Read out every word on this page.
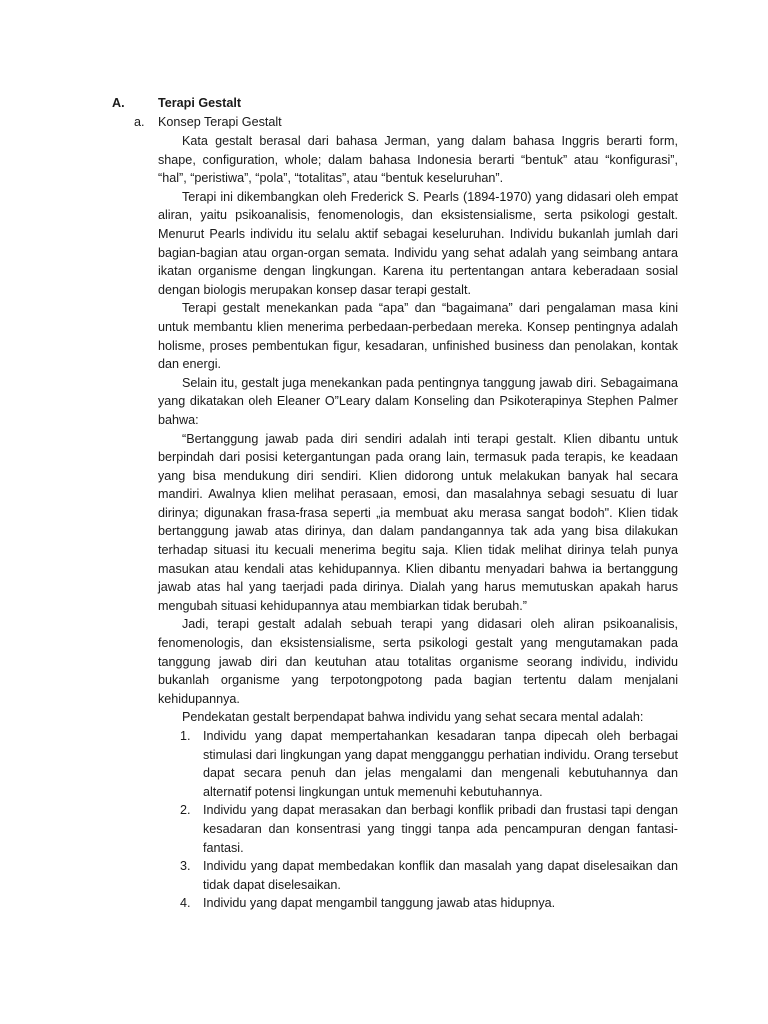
A.	Terapi Gestalt
a. Konsep Terapi Gestalt

Kata gestalt berasal dari bahasa Jerman, yang dalam bahasa Inggris berarti form, shape, configuration, whole; dalam bahasa Indonesia berarti “bentuk” atau “konfigurasi”, “hal”, “peristiwa”, “pola”, “totalitas”, atau “bentuk keseluruhan”.

Terapi ini dikembangkan oleh Frederick S. Pearls (1894-1970) yang didasari oleh empat aliran, yaitu psikoanalisis, fenomenologis, dan eksistensialisme, serta psikologi gestalt. Menurut Pearls individu itu selalu aktif sebagai keseluruhan. Individu bukanlah jumlah dari bagian-bagian atau organ-organ semata. Individu yang sehat adalah yang seimbang antara ikatan organisme dengan lingkungan. Karena itu pertentangan antara keberadaan sosial dengan biologis merupakan konsep dasar terapi gestalt.

Terapi gestalt menekankan pada “apa” dan “bagaimana” dari pengalaman masa kini untuk membantu klien menerima perbedaan-perbedaan mereka. Konsep pentingnya adalah holisme, proses pembentukan figur, kesadaran, unfinished business dan penolakan, kontak dan energi.

Selain itu, gestalt juga menekankan pada pentingnya tanggung jawab diri. Sebagaimana yang dikatakan oleh Eleaner O”Leary dalam Konseling dan Psikoterapinya Stephen Palmer bahwa:

“Bertanggung jawab pada diri sendiri adalah inti terapi gestalt. Klien dibantu untuk berpindah dari posisi ketergantungan pada orang lain, termasuk pada terapis, ke keadaan yang bisa mendukung diri sendiri. Klien didorong untuk melakukan banyak hal secara mandiri. Awalnya klien melihat perasaan, emosi, dan masalahnya sebagi sesuatu di luar dirinya; digunakan frasa-frasa seperti „ia membuat aku merasa sangat bodoh". Klien tidak bertanggung jawab atas dirinya, dan dalam pandangannya tak ada yang bisa dilakukan terhadap situasi itu kecuali menerima begitu saja. Klien tidak melihat dirinya telah punya masukan atau kendali atas kehidupannya. Klien dibantu menyadari bahwa ia bertanggung jawab atas hal yang taerjadi pada dirinya. Dialah yang harus memutuskan apakah harus mengubah situasi kehidupannya atau membiarkan tidak berubah.”

Jadi, terapi gestalt adalah sebuah terapi yang didasari oleh aliran psikoanalisis, fenomenologis, dan eksistensialisme, serta psikologi gestalt yang mengutamakan pada tanggung jawab diri dan keutuhan atau totalitas organisme seorang individu, individu bukanlah organisme yang terpotongpotong pada bagian tertentu dalam menjalani kehidupannya.

Pendekatan gestalt berpendapat bahwa individu yang sehat secara mental adalah:

1. Individu yang dapat mempertahankan kesadaran tanpa dipecah oleh berbagai stimulasi dari lingkungan yang dapat mengganggu perhatian individu. Orang tersebut dapat secara penuh dan jelas mengalami dan mengenali kebutuhannya dan alternatif potensi lingkungan untuk memenuhi kebutuhannya.
2. Individu yang dapat merasakan dan berbagi konflik pribadi dan frustasi tapi dengan kesadaran dan konsentrasi yang tinggi tanpa ada pencampuran dengan fantasi-fantasi.
3. Individu yang dapat membedakan konflik dan masalah yang dapat diselesaikan dan tidak dapat diselesaikan.
4. Individu yang dapat mengambil tanggung jawab atas hidupnya.
